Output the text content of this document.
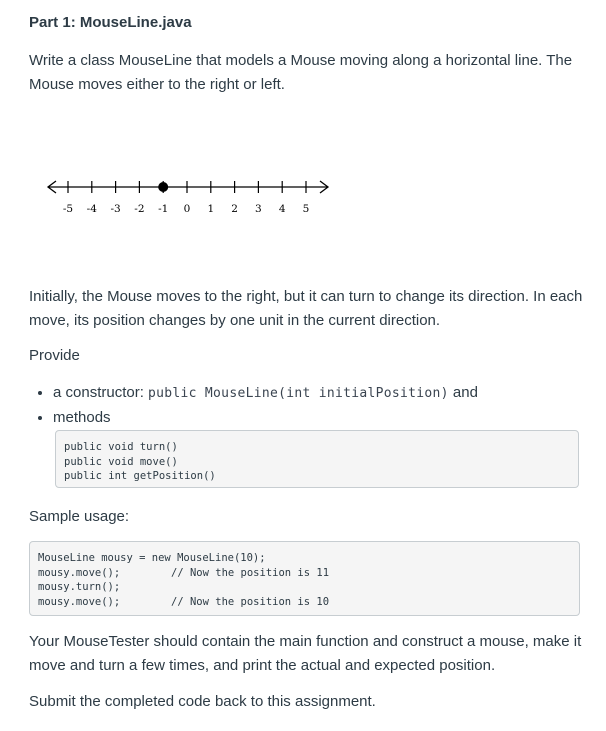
Part 1: MouseLine.java

Write a class MouseLine that models a Mouse moving along a horizontal line. The Mouse moves either to the right or left.

-5 -4 -3 -2 -1 0 1 2 3 4 5

Initially, the Mouse moves to the right, but it can turn to change its direction. In each move, its position changes by one unit in the current direction.

Provide

• a constructor: public MouseLine(int initialPosition) and
• methods
public void turn()
public void move()
public int getPosition()

Sample usage:

MouseLine mousy = new MouseLine(10);
mousy.move();	// Now the position is 11
mousy.turn();
mousy.move();	// Now the position is 10

Your MouseTester should contain the main function and construct a mouse, make it move and turn a few times, and print the actual and expected position.

Submit the completed code back to this assignment.
